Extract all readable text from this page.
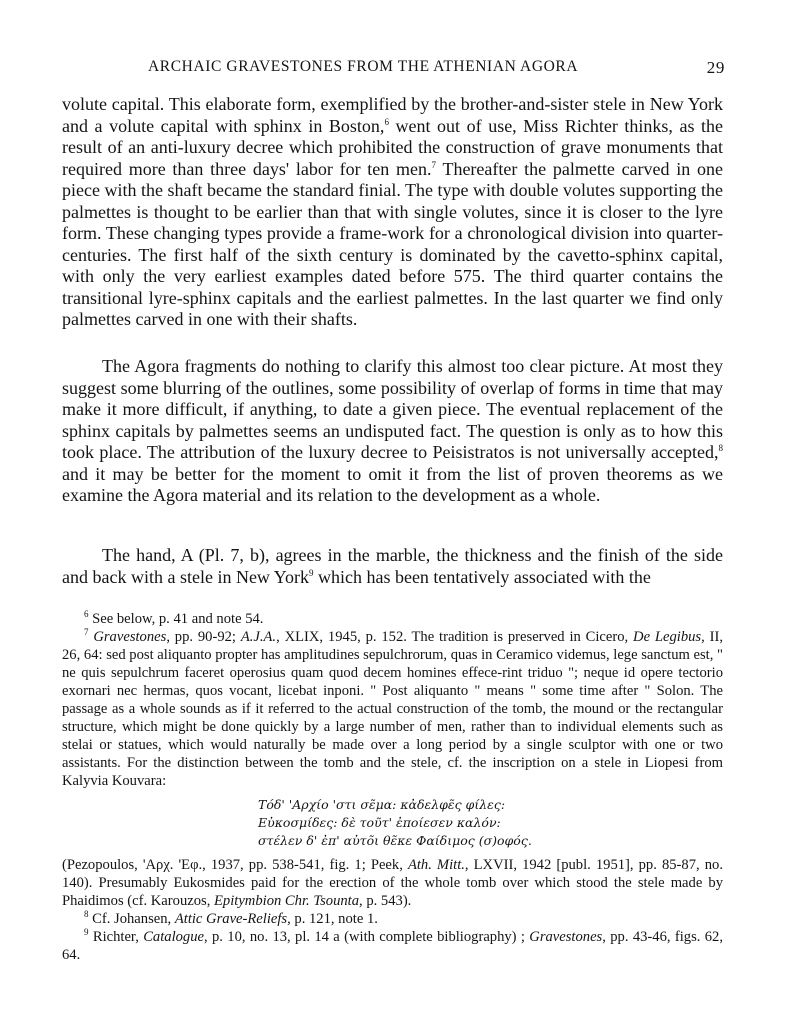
ARCHAIC GRAVESTONES FROM THE ATHENIAN AGORA	29

volute capital. This elaborate form, exemplified by the brother-and-sister stele in New York and a volute capital with sphinx in Boston,$^6$ went out of use, Miss Richter thinks, as the result of an anti-luxury decree which prohibited the construction of grave monuments that required more than three days' labor for ten men.$^7$ Thereafter the palmette carved in one piece with the shaft became the standard finial. The type with double volutes supporting the palmettes is thought to be earlier than that with single volutes, since it is closer to the lyre form. These changing types provide a frame-work for a chronological division into quarter-centuries. The first half of the sixth century is dominated by the cavetto-sphinx capital, with only the very earliest examples dated before 575. The third quarter contains the transitional lyre-sphinx capitals and the earliest palmettes. In the last quarter we find only palmettes carved in one with their shafts.

The Agora fragments do nothing to clarify this almost too clear picture. At most they suggest some blurring of the outlines, some possibility of overlap of forms in time that may make it more difficult, if anything, to date a given piece. The eventual replacement of the sphinx capitals by palmettes seems an undisputed fact. The question is only as to how this took place. The attribution of the luxury decree to Peisistratos is not universally accepted,$^8$ and it may be better for the moment to omit it from the list of proven theorems as we examine the Agora material and its relation to the development as a whole.

The hand, A (Pl. 7, b), agrees in the marble, the thickness and the finish of the side and back with a stele in New York$^9$ which has been tentatively associated with the

$^6$ See below, p. 41 and note 54.

$^7$ Gravestones, pp. 90-92; A.J.A., XLIX, 1945, p. 152. The tradition is preserved in Cicero, De Legibus, II, 26, 64: sed post aliquanto propter has amplitudines sepulchrorum, quas in Ceramico videmus, lege sanctum est, " ne quis sepulchrum faceret operosius quam quod decem homines effece-rint triduo "; neque id opere tectorio exornari nec hermas, quos vocant, licebat inponi. " Post aliquanto " means " some time after " Solon. The passage as a whole sounds as if it referred to the actual construction of the tomb, the mound or the rectangular structure, which might be done quickly by a large number of men, rather than to individual elements such as stelai or statues, which would naturally be made over a long period by a single sculptor with one or two assistants. For the distinction between the tomb and the stele, cf. the inscription on a stele in Liopesi from Kalyvia Kouvara:

Τόδ' 'Αρχίο 'στι σε̃μα: κἀδελφε̃ς φίλες:
Εὐκοσμίδες: δὲ τοῦτ' ἐποίεσεν καλόν:
στέλεν δ' ἐπ' αὐτõι θε̃κε Φαίδιμος (σ)οφός.

(Pezopoulos, 'Αρχ. 'Εφ., 1937, pp. 538-541, fig. 1; Peek, Ath. Mitt., LXVII, 1942 [publ. 1951], pp. 85-87, no. 140). Presumably Eukosmides paid for the erection of the whole tomb over which stood the stele made by Phaidimos (cf. Karouzos, Epitymbion Chr. Tsounta, p. 543).

$^8$ Cf. Johansen, Attic Grave-Reliefs, p. 121, note 1.

$^9$ Richter, Catalogue, p. 10, no. 13, pl. 14 a (with complete bibliography) ; Gravestones, pp. 43-46, figs. 62, 64.
